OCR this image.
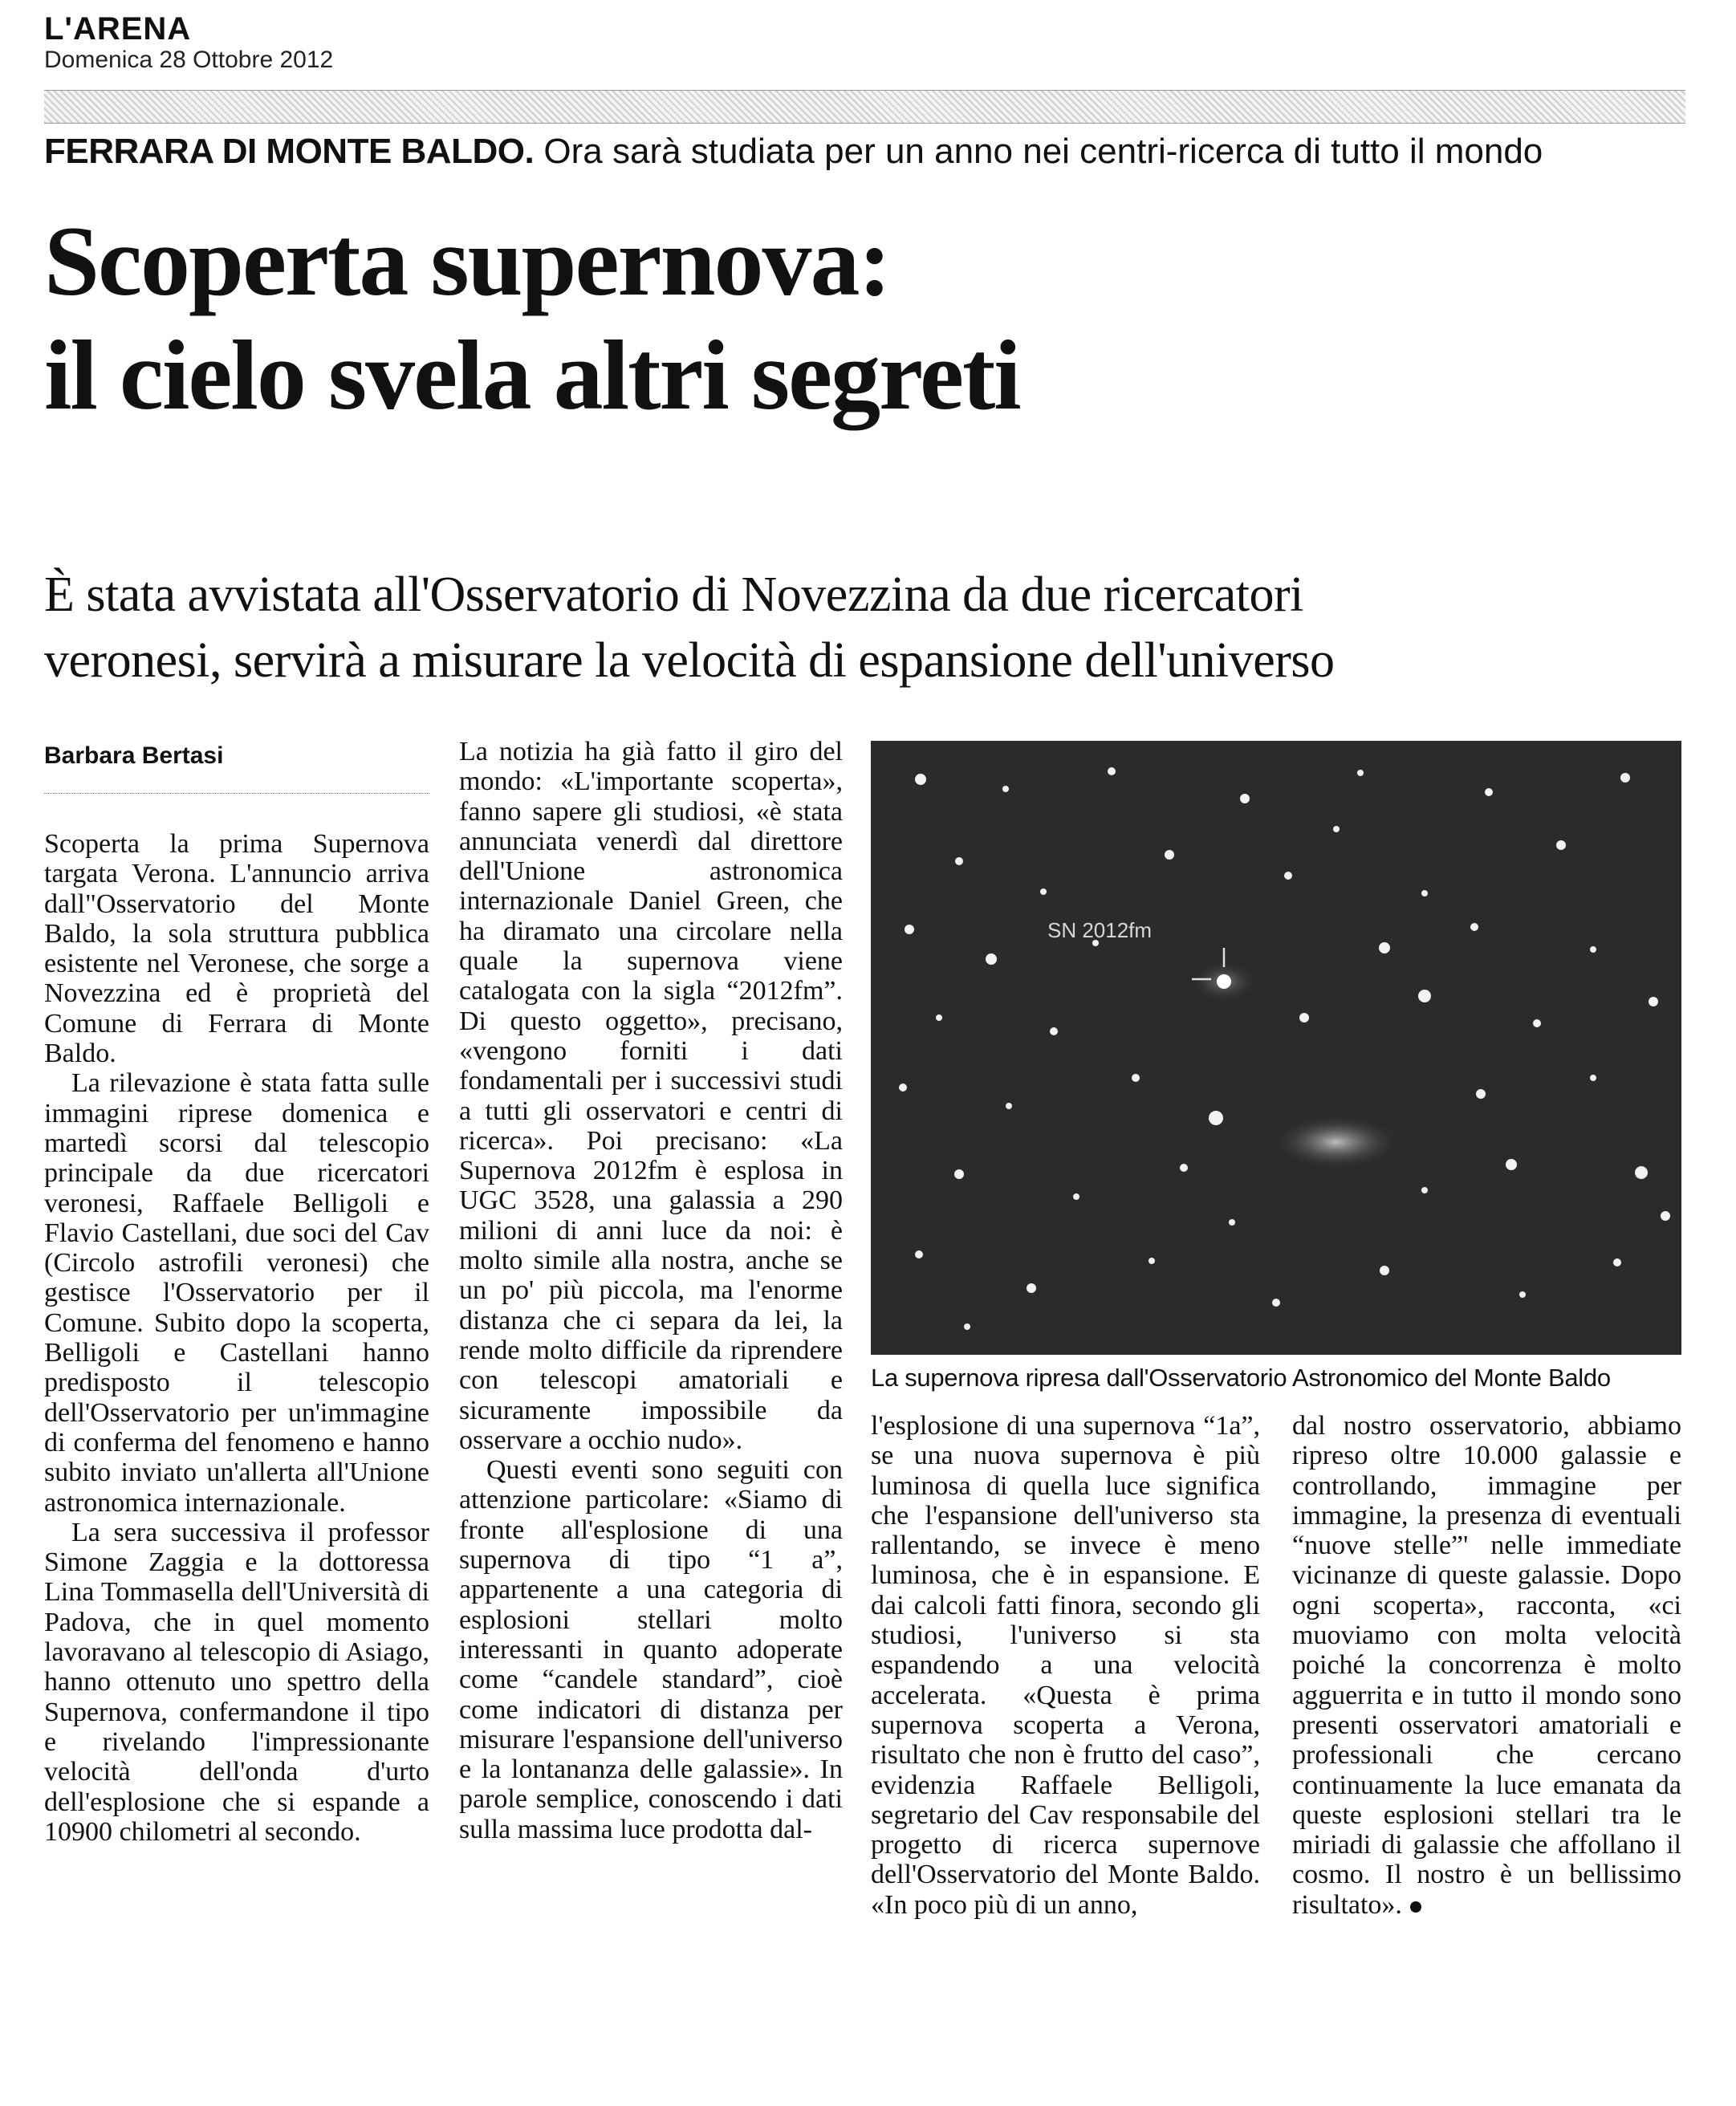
L'ARENA
Domenica 28 Ottobre 2012
FERRARA DI MONTE BALDO. Ora sarà studiata per un anno nei centri-ricerca di tutto il mondo
Scoperta supernova:
il cielo svela altri segreti
È stata avvistata all'Osservatorio di Novezzina da due ricercatori
veronesi, servirà a misurare la velocità di espansione dell'universo
Barbara Bertasi

Scoperta la prima Supernova targata Verona. L'annuncio arriva dall"Osservatorio del Monte Baldo, la sola struttura pubblica esistente nel Veronese, che sorge a Novezzina ed è proprietà del Comune di Ferrara di Monte Baldo.

La rilevazione è stata fatta sulle immagini riprese domenica e martedì scorsi dal telescopio principale da due ricercatori veronesi, Raffaele Belligoli e Flavio Castellani, due soci del Cav (Circolo astrofili veronesi) che gestisce l'Osservatorio per il Comune. Subito dopo la scoperta, Belligoli e Castellani hanno predisposto il telescopio dell'Osservatorio per un'immagine di conferma del fenomeno e hanno subito inviato un'allerta all'Unione astronomica internazionale.

La sera successiva il professor Simone Zaggia e la dottoressa Lina Tommasella dell'Università di Padova, che in quel momento lavoravano al telescopio di Asiago, hanno ottenuto uno spettro della Supernova, confermandone il tipo e rivelando l'impressionante velocità dell'onda d'urto dell'esplosione che si espande a 10900 chilometri al secondo.

La notizia ha già fatto il giro del mondo: «L'importante scoperta», fanno sapere gli studiosi, «è stata annunciata venerdì dal direttore dell'Unione astronomica internazionale Daniel Green, che ha diramato una circolare nella quale la supernova viene catalogata con la sigla “2012fm”. Di questo oggetto», precisano, «vengono forniti i dati fondamentali per i successivi studi a tutti gli osservatori e centri di ricerca». Poi precisano: «La Supernova 2012fm è esplosa in UGC 3528, una galassia a 290 milioni di anni luce da noi: è molto simile alla nostra, anche se un po' più piccola, ma l'enorme distanza che ci separa da lei, la rende molto difficile da riprendere con telescopi amatoriali e sicuramente impossibile da osservare a occhio nudo».

Questi eventi sono seguiti con attenzione particolare: «Siamo di fronte all'esplosione di una supernova di tipo “1 a”, appartenente a una categoria di esplosioni stellari molto interessanti in quanto adoperate come “candele standard”, cioè come indicatori di distanza per misurare l'espansione dell'universo e la lontananza delle galassie». In parole semplice, conoscendo i dati sulla massima luce prodotta dal-

SN 2012fm
La supernova ripresa dall'Osservatorio Astronomico del Monte Baldo

l'esplosione di una supernova “1a”, se una nuova supernova è più luminosa di quella luce significa che l'espansione dell'universo sta rallentando, se invece è meno luminosa, che è in espansione. E dai calcoli fatti finora, secondo gli studiosi, l'universo si sta espandendo a una velocità accelerata. «Questa è prima supernova scoperta a Verona, risultato che non è frutto del caso”, evidenzia Raffaele Belligoli, segretario del Cav responsabile del progetto di ricerca supernove dell'Osservatorio del Monte Baldo. «In poco più di un anno,

dal nostro osservatorio, abbiamo ripreso oltre 10.000 galassie e controllando, immagine per immagine, la presenza di eventuali “nuove stelle”' nelle immediate vicinanze di queste galassie. Dopo ogni scoperta», racconta, «ci muoviamo con molta velocità poiché la concorrenza è molto agguerrita e in tutto il mondo sono presenti osservatori amatoriali e professionali che cercano continuamente la luce emanata da queste esplosioni stellari tra le miriadi di galassie che affollano il cosmo. Il nostro è un bellissimo risultato».
